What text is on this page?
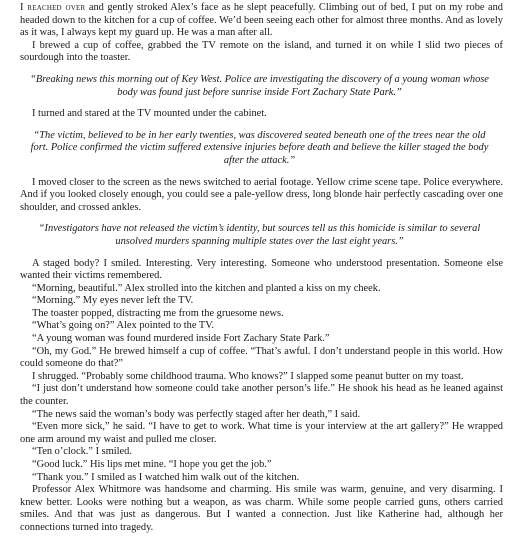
I reached over and gently stroked Alex’s face as he slept peacefully. Climbing out of bed, I put on my robe and headed down to the kitchen for a cup of coffee. We’d been seeing each other for almost three months. And as lovely as it was, I always kept my guard up. He was a man after all.

I brewed a cup of coffee, grabbed the TV remote on the island, and turned it on while I slid two pieces of sourdough into the toaster.

“Breaking news this morning out of Key West. Police are investigating the discovery of a young woman whose body was found just before sunrise inside Fort Zachary State Park.”

I turned and stared at the TV mounted under the cabinet.

“The victim, believed to be in her early twenties, was discovered seated beneath one of the trees near the old fort. Police confirmed the victim suffered extensive injuries before death and believe the killer staged the body after the attack.”

I moved closer to the screen as the news switched to aerial footage. Yellow crime scene tape. Police everywhere. And if you looked closely enough, you could see a pale-yellow dress, long blonde hair perfectly cascading over one shoulder, and crossed ankles.

“Investigators have not released the victim’s identity, but sources tell us this homicide is similar to several unsolved murders spanning multiple states over the last eight years.”

A staged body? I smiled. Interesting. Very interesting. Someone who understood presentation. Someone else wanted their victims remembered.

“Morning, beautiful.” Alex strolled into the kitchen and planted a kiss on my cheek.

“Morning.” My eyes never left the TV.

The toaster popped, distracting me from the gruesome news.

“What’s going on?” Alex pointed to the TV.

“A young woman was found murdered inside Fort Zachary State Park.”

“Oh, my God.” He brewed himself a cup of coffee. “That’s awful. I don’t understand people in this world. How could someone do that?”

I shrugged. “Probably some childhood trauma. Who knows?” I slapped some peanut butter on my toast.

“I just don’t understand how someone could take another person’s life.” He shook his head as he leaned against the counter.

“The news said the woman’s body was perfectly staged after her death,” I said.

“Even more sick,” he said. “I have to get to work. What time is your interview at the art gallery?” He wrapped one arm around my waist and pulled me closer.

“Ten o’clock.” I smiled.

“Good luck.” His lips met mine. “I hope you get the job.”

“Thank you.” I smiled as I watched him walk out of the kitchen.

Professor Alex Whitmore was handsome and charming. His smile was warm, genuine, and very disarming. I knew better. Looks were nothing but a weapon, as was charm. While some people carried guns, others carried smiles. And that was just as dangerous. But I wanted a connection. Just like Katherine had, although her connections turned into tragedy.
